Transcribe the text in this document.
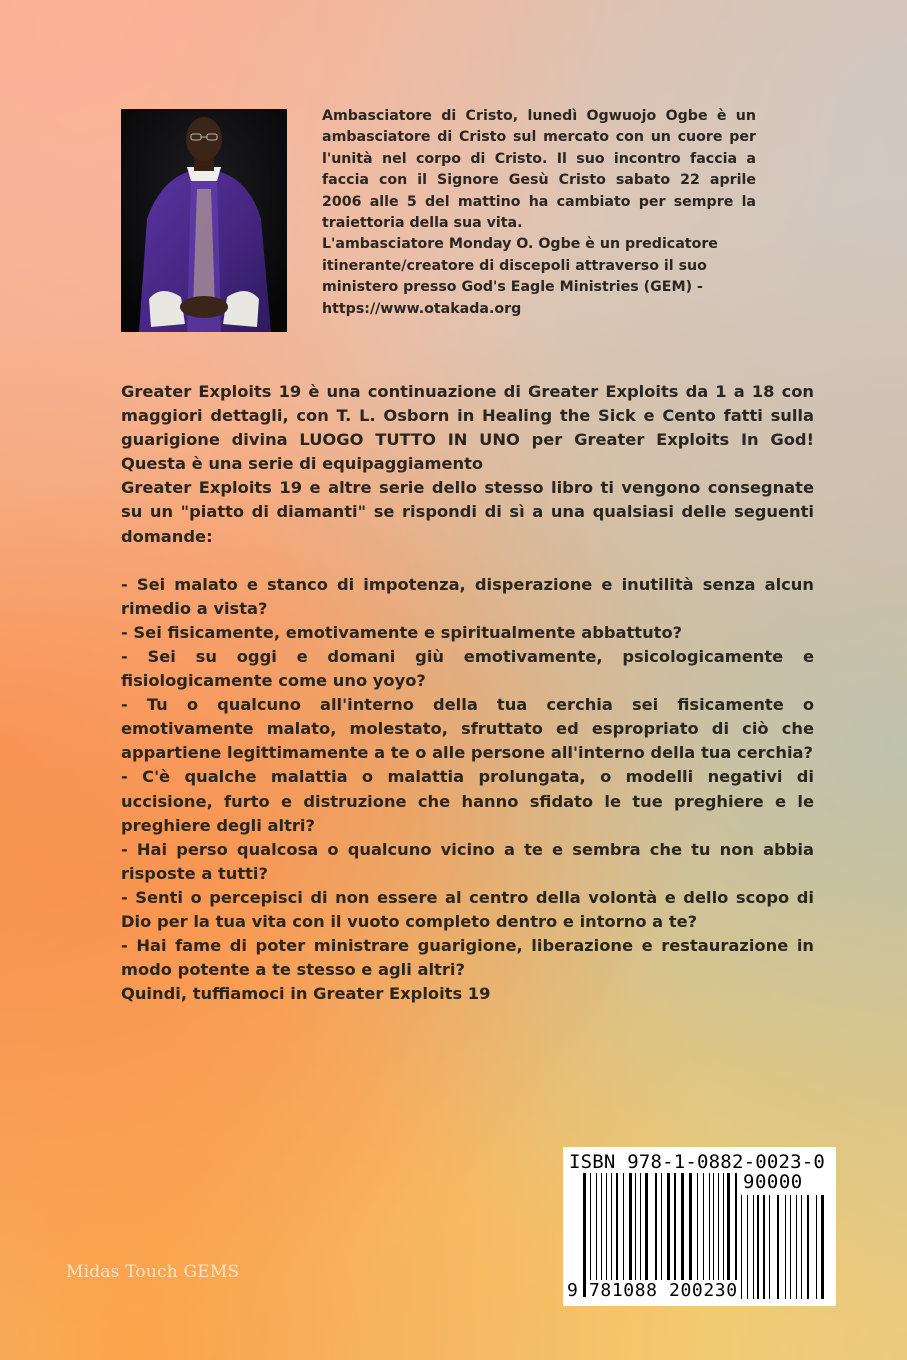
Ambasciatore di Cristo, lunedì Ogwuojo Ogbe è un ambasciatore di Cristo sul mercato con un cuore per l'unità nel corpo di Cristo. Il suo incontro faccia a faccia con il Signore Gesù Cristo sabato 22 aprile 2006 alle 5 del mattino ha cambiato per sempre la traiettoria della sua vita.

L'ambasciatore Monday O. Ogbe è un predicatore itinerante/creatore di discepoli attraverso il suo ministero presso God's Eagle Ministries (GEM) - https://www.otakada.org

Greater Exploits 19 è una continuazione di Greater Exploits da 1 a 18 con maggiori dettagli, con T. L. Osborn in Healing the Sick e Cento fatti sulla guarigione divina LUOGO TUTTO IN UNO per Greater Exploits In God! Questa è una serie di equipaggiamento

Greater Exploits 19 e altre serie dello stesso libro ti vengono consegnate su un "piatto di diamanti" se rispondi di sì a una qualsiasi delle seguenti domande:

- Sei malato e stanco di impotenza, disperazione e inutilità senza alcun rimedio a vista?

- Sei fisicamente, emotivamente e spiritualmente abbattuto?

- Sei su oggi e domani giù emotivamente, psicologicamente e fisiologicamente come uno yoyo?

- Tu o qualcuno all'interno della tua cerchia sei fisicamente o emotivamente malato, molestato, sfruttato ed espropriato di ciò che appartiene legittimamente a te o alle persone all'interno della tua cerchia?

- C'è qualche malattia o malattia prolungata, o modelli negativi di uccisione, furto e distruzione che hanno sfidato le tue preghiere e le preghiere degli altri?

- Hai perso qualcosa o qualcuno vicino a te e sembra che tu non abbia risposte a tutti?

- Senti o percepisci di non essere al centro della volontà e dello scopo di Dio per la tua vita con il vuoto completo dentro e intorno a te?

- Hai fame di poter ministrare guarigione, liberazione e restaurazione in modo potente a te stesso e agli altri?

Quindi, tuffiamoci in Greater Exploits 19

Midas Touch GEMS
ISBN 978-1-0882-0023-0
90000
9 781088 200230
